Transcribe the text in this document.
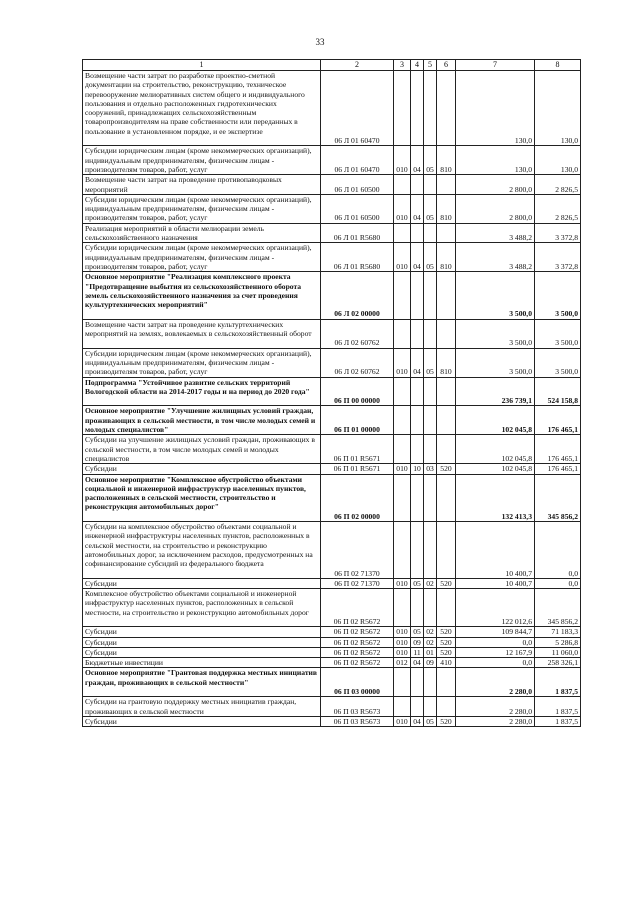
33
1	2	3	4	5	6	7	8
Возмещение части затрат по разработке проектно-сметной документации на строительство, реконструкцию, техническое перевооружение мелиоративных систем общего и индивидуального пользования и отдельно расположенных гидротехнических сооружений, принадлежащих сельскохозяйственным товаропроизводителям на праве собственности или переданных в пользование в установленном порядке, и ее экспертизе	06 Л 01 60470					130,0	130,0
Субсидии юридическим лицам (кроме некоммерческих организаций), индивидуальным предпринимателям, физическим лицам - производителям товаров, работ, услуг	06 Л 01 60470	010	04	05	810	130,0	130,0
Возмещение части затрат на проведение противопаводковых мероприятий	06 Л 01 60500					2 800,0	2 826,5
Субсидии юридическим лицам (кроме некоммерческих организаций), индивидуальным предпринимателям, физическим лицам - производителям товаров, работ, услуг	06 Л 01 60500	010	04	05	810	2 800,0	2 826,5
Реализация мероприятий в области мелиорации земель сельскохозяйственного назначения	06 Л 01 R5680					3 488,2	3 372,8
Субсидии юридическим лицам (кроме некоммерческих организаций), индивидуальным предпринимателям, физическим лицам - производителям товаров, работ, услуг	06 Л 01 R5680	010	04	05	810	3 488,2	3 372,8
Основное мероприятие "Реализация комплексного проекта "Предотвращение выбытия из сельскохозяйственного оборота земель сельскохозяйственного назначения за счет проведения культуртехнических мероприятий"	06 Л 02 00000					3 500,0	3 500,0
Возмещение части затрат на проведение культуртехнических мероприятий на землях, вовлекаемых в сельскохозяйственный оборот	06 Л 02 60762					3 500,0	3 500,0
Субсидии юридическим лицам (кроме некоммерческих организаций), индивидуальным предпринимателям, физическим лицам - производителям товаров, работ, услуг	06 Л 02 60762	010	04	05	810	3 500,0	3 500,0
Подпрограмма "Устойчивое развитие сельских территорий Вологодской области на 2014-2017 годы и на период до 2020 года"	06 П 00 00000					236 739,1	524 158,8
Основное мероприятие "Улучшение жилищных условий граждан, проживающих в сельской местности, в том числе молодых семей и молодых специалистов"	06 П 01 00000					102 045,8	176 465,1
Субсидии на улучшение жилищных условий граждан, проживающих в сельской местности, в том числе молодых семей и молодых специалистов	06 П 01 R5671					102 045,8	176 465,1
Субсидии	06 П 01 R5671	010	10	03	520	102 045,8	176 465,1
Основное мероприятие "Комплексное обустройство объектами социальной и инженерной инфраструктур населенных пунктов, расположенных в сельской местности, строительство и реконструкция автомобильных дорог"	06 П 02 00000					132 413,3	345 856,2
Субсидии на комплексное обустройство объектами социальной и инженерной инфраструктуры населенных пунктов, расположенных в сельской местности, на строительство и реконструкцию автомобильных дорог, за исключением расходов, предусмотренных на софинансирование субсидий из федерального бюджета	06 П 02 71370					10 400,7	0,0
Субсидии	06 П 02 71370	010	05	02	520	10 400,7	0,0
Комплексное обустройство объектами социальной и инженерной инфраструктур населенных пунктов, расположенных в сельской местности, на строительство и реконструкцию автомобильных дорог	06 П 02 R5672					122 012,6	345 856,2
Субсидии	06 П 02 R5672	010	05	02	520	109 844,7	71 183,3
Субсидии	06 П 02 R5672	010	09	02	520	0,0	5 286,8
Субсидии	06 П 02 R5672	010	11	01	520	12 167,9	11 060,0
Бюджетные инвестиции	06 П 02 R5672	012	04	09	410	0,0	258 326,1
Основное мероприятие "Грантовая поддержка местных инициатив граждан, проживающих в сельской местности"	06 П 03 00000					2 280,0	1 837,5
Субсидии на грантовую поддержку местных инициатив граждан, проживающих в сельской местности	06 П 03 R5673					2 280,0	1 837,5
Субсидии	06 П 03 R5673	010	04	05	520	2 280,0	1 837,5
